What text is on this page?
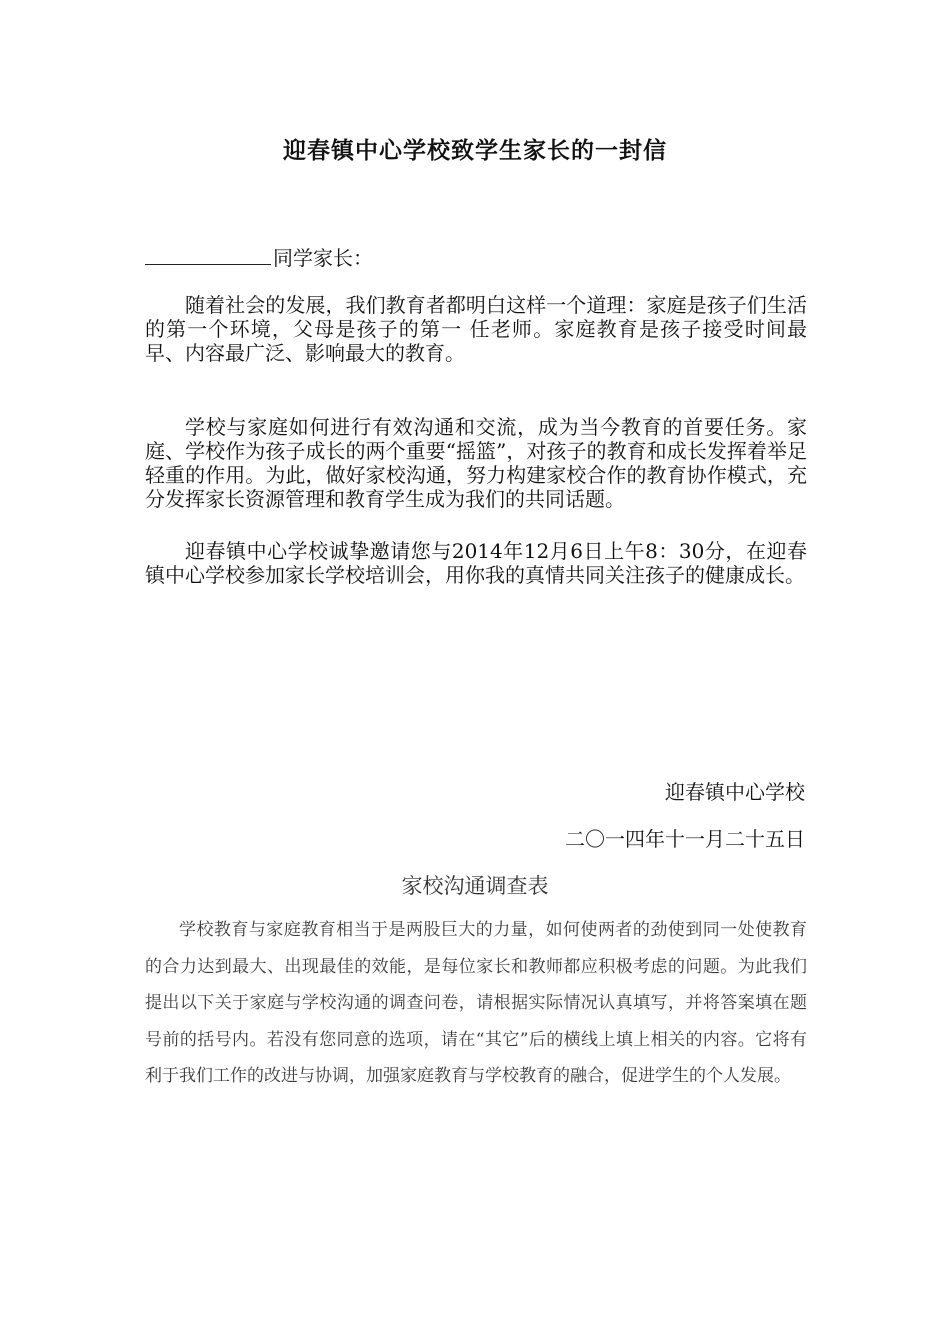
迎春镇中心学校致学生家长的一封信
同学家长：

随着社会的发展，我们教育者都明白这样一个道理：家庭是孩子们生活的第一个环境，父母是孩子的第一 任老师。家庭教育是孩子接受时间最早、内容最广泛、影响最大的教育。

学校与家庭如何进行有效沟通和交流，成为当今教育的首要任务。家庭、学校作为孩子成长的两个重要“摇篮”，对孩子的教育和成长发挥着举足轻重的作用。为此，做好家校沟通，努力构建家校合作的教育协作模式，充分发挥家长资源管理和教育学生成为我们的共同话题。

迎春镇中心学校诚挚邀请您与2014年12月6日上午8：30分，在迎春镇中心学校参加家长学校培训会，用你我的真情共同关注孩子的健康成长。

迎春镇中心学校
二〇一四年十一月二十五日
家校沟通调查表

学校教育与家庭教育相当于是两股巨大的力量，如何使两者的劲使到同一处使教育的合力达到最大、出现最佳的效能，是每位家长和教师都应积极考虑的问题。为此我们提出以下关于家庭与学校沟通的调查问卷，请根据实际情况认真填写，并将答案填在题号前的括号内。若没有您同意的选项，请在“其它”后的横线上填上相关的内容。它将有利于我们工作的改进与协调，加强家庭教育与学校教育的融合，促进学生的个人发展。
